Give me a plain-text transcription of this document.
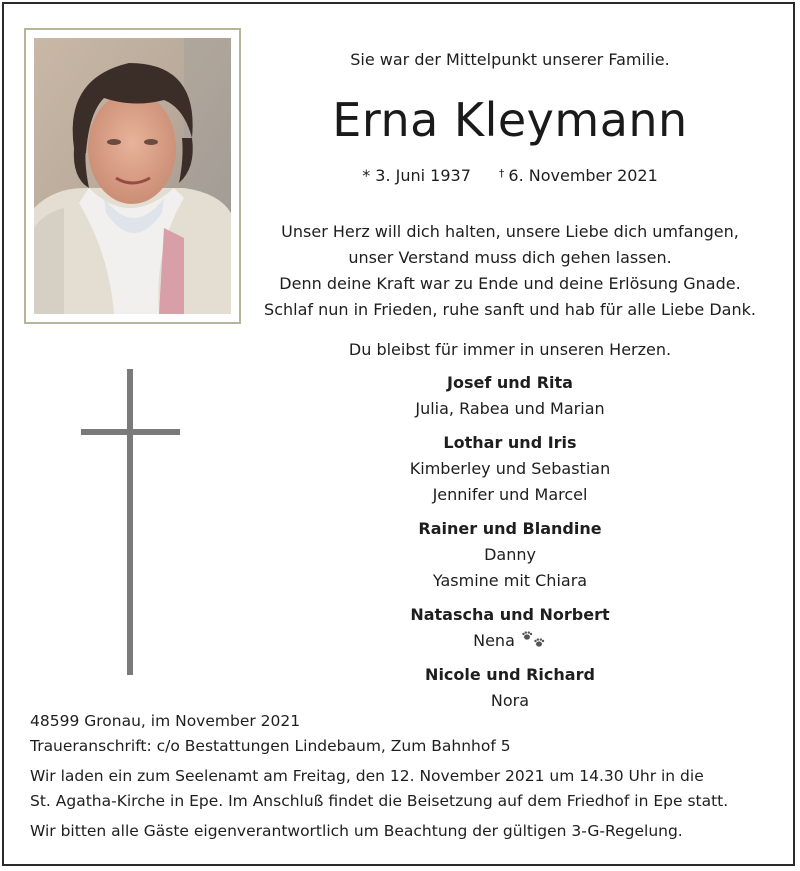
Sie war der Mittelpunkt unserer Familie.
Erna Kleymann
* 3. Juni 1937	† 6. November 2021
Unser Herz will dich halten, unsere Liebe dich umfangen,
unser Verstand muss dich gehen lassen.
Denn deine Kraft war zu Ende und deine Erlösung Gnade.
Schlaf nun in Frieden, ruhe sanft und hab für alle Liebe Dank.
Du bleibst für immer in unseren Herzen.
Josef und Rita
Julia, Rabea und Marian
Lothar und Iris
Kimberley und Sebastian
Jennifer und Marcel
Rainer und Blandine
Danny
Yasmine mit Chiara
Natascha und Norbert
Nena
Nicole und Richard
Nora
48599 Gronau, im November 2021
Traueranschrift: c/o Bestattungen Lindebaum, Zum Bahnhof 5
Wir laden ein zum Seelenamt am Freitag, den 12. November 2021 um 14.30 Uhr in die
St. Agatha-Kirche in Epe. Im Anschluß findet die Beisetzung auf dem Friedhof in Epe statt.
Wir bitten alle Gäste eigenverantwortlich um Beachtung der gültigen 3-G-Regelung.
